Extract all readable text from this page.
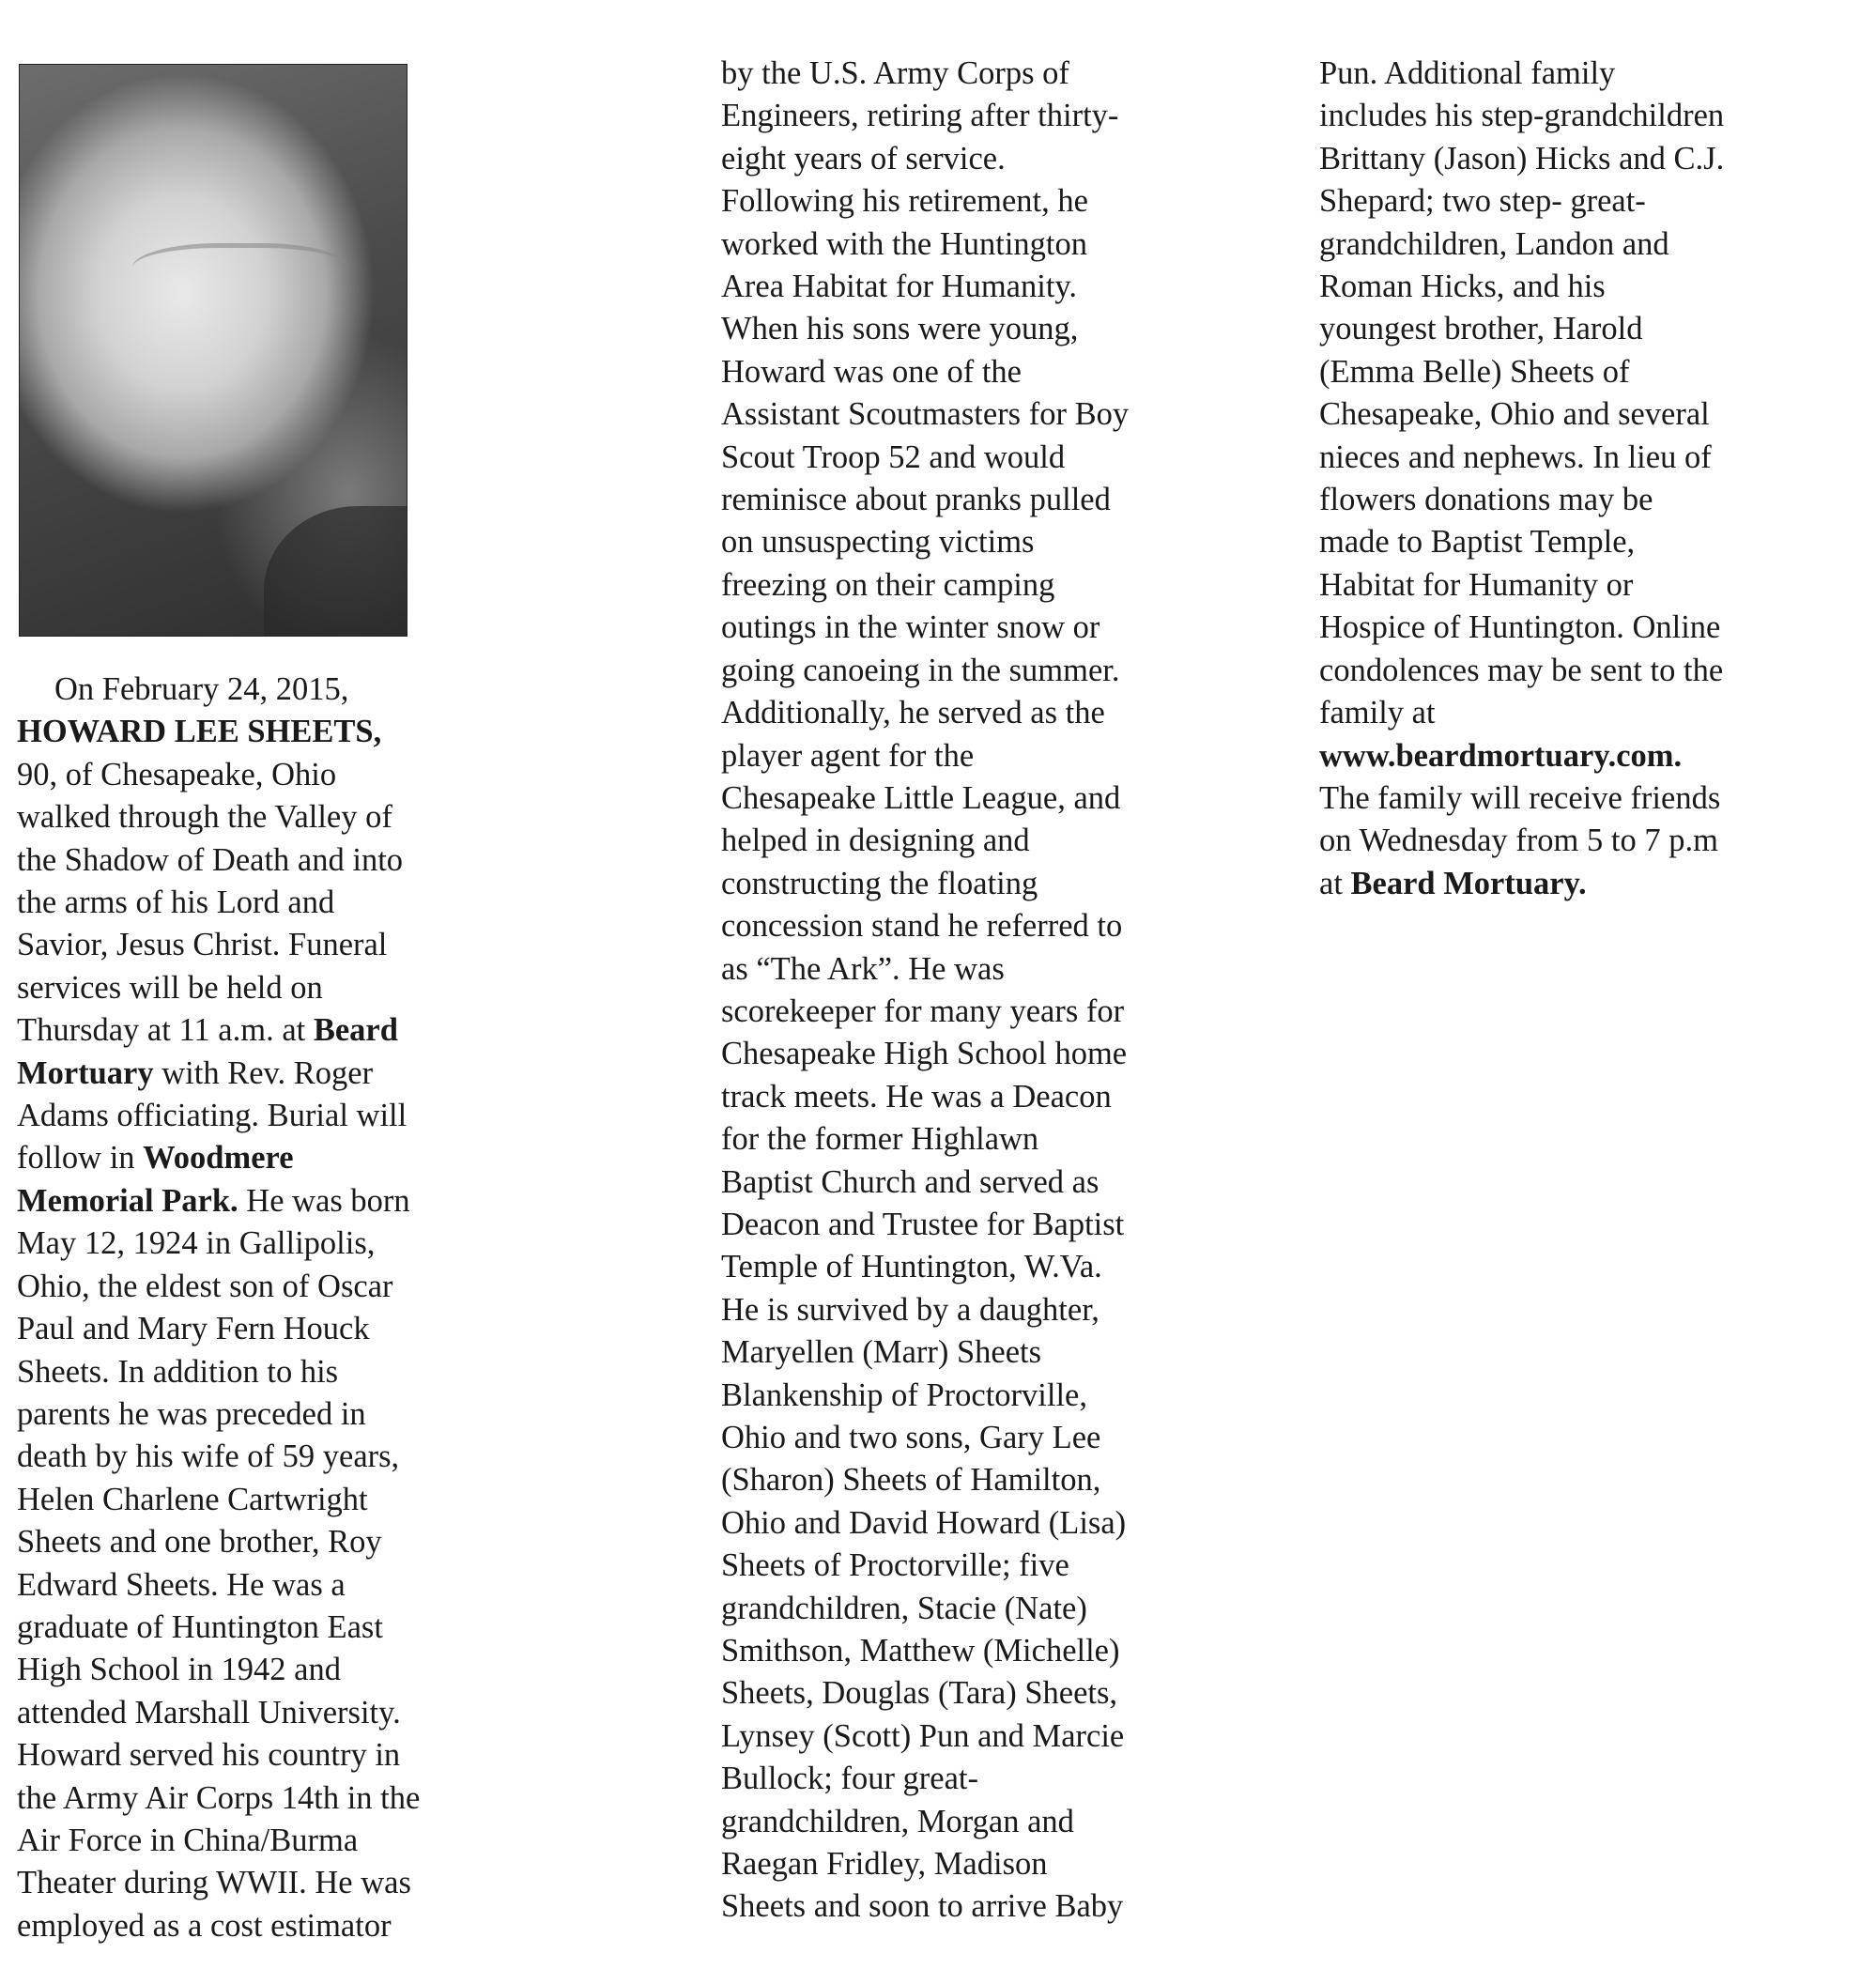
On February 24, 2015,
HOWARD LEE SHEETS,
90, of Chesapeake, Ohio
walked through the Valley of
the Shadow of Death and into
the arms of his Lord and
Savior, Jesus Christ. Funeral
services will be held on
Thursday at 11 a.m. at Beard
Mortuary with Rev. Roger
Adams officiating. Burial will
follow in Woodmere
Memorial Park. He was born
May 12, 1924 in Gallipolis,
Ohio, the eldest son of Oscar
Paul and Mary Fern Houck
Sheets. In addition to his
parents he was preceded in
death by his wife of 59 years,
Helen Charlene Cartwright
Sheets and one brother, Roy
Edward Sheets. He was a
graduate of Huntington East
High School in 1942 and
attended Marshall University.
Howard served his country in
the Army Air Corps 14th in the
Air Force in China/Burma
Theater during WWII. He was
employed as a cost estimator
by the U.S. Army Corps of
Engineers, retiring after thirty-
eight years of service.
Following his retirement, he
worked with the Huntington
Area Habitat for Humanity.
When his sons were young,
Howard was one of the
Assistant Scoutmasters for Boy
Scout Troop 52 and would
reminisce about pranks pulled
on unsuspecting victims
freezing on their camping
outings in the winter snow or
going canoeing in the summer.
Additionally, he served as the
player agent for the
Chesapeake Little League, and
helped in designing and
constructing the floating
concession stand he referred to
as “The Ark”. He was
scorekeeper for many years for
Chesapeake High School home
track meets. He was a Deacon
for the former Highlawn
Baptist Church and served as
Deacon and Trustee for Baptist
Temple of Huntington, W.Va.
He is survived by a daughter,
Maryellen (Marr) Sheets
Blankenship of Proctorville,
Ohio and two sons, Gary Lee
(Sharon) Sheets of Hamilton,
Ohio and David Howard (Lisa)
Sheets of Proctorville; five
grandchildren, Stacie (Nate)
Smithson, Matthew (Michelle)
Sheets, Douglas (Tara) Sheets,
Lynsey (Scott) Pun and Marcie
Bullock; four great-
grandchildren, Morgan and
Raegan Fridley, Madison
Sheets and soon to arrive Baby
Pun. Additional family
includes his step-grandchildren
Brittany (Jason) Hicks and C.J.
Shepard; two step- great-
grandchildren, Landon and
Roman Hicks, and his
youngest brother, Harold
(Emma Belle) Sheets of
Chesapeake, Ohio and several
nieces and nephews. In lieu of
flowers donations may be
made to Baptist Temple,
Habitat for Humanity or
Hospice of Huntington. Online
condolences may be sent to the
family at
www.beardmortuary.com.
The family will receive friends
on Wednesday from 5 to 7 p.m
at Beard Mortuary.
